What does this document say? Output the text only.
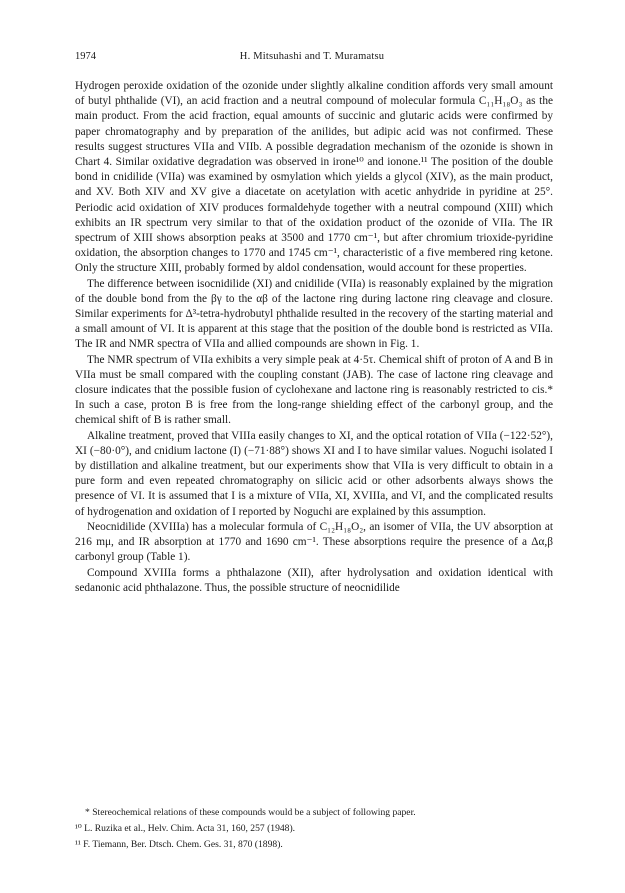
1974	H. Mitsuhashi and T. Muramatsu

Hydrogen peroxide oxidation of the ozonide under slightly alkaline condition affords very small amount of butyl phthalide (VI), an acid fraction and a neutral compound of molecular formula C₁₁H₁₈O₃ as the main product. From the acid fraction, equal amounts of succinic and glutaric acids were confirmed by paper chromatography and by preparation of the anilides, but adipic acid was not confirmed. These results suggest structures VIIa and VIIb. A possible degradation mechanism of the ozonide is shown in Chart 4. Similar oxidative degradation was observed in irone¹⁰ and ionone.¹¹ The position of the double bond in cnidilide (VIIa) was examined by osmylation which yields a glycol (XIV), as the main product, and XV. Both XIV and XV give a diacetate on acetylation with acetic anhydride in pyridine at 25°. Periodic acid oxidation of XIV produces formaldehyde together with a neutral compound (XIII) which exhibits an IR spectrum very similar to that of the oxidation product of the ozonide of VIIa. The IR spectrum of XIII shows absorption peaks at 3500 and 1770 cm⁻¹, but after chromium trioxide-pyridine oxidation, the absorption changes to 1770 and 1745 cm⁻¹, characteristic of a five membered ring ketone. Only the structure XIII, probably formed by aldol condensation, would account for these properties.

The difference between isocnidilide (XI) and cnidilide (VIIa) is reasonably explained by the migration of the double bond from the βγ to the αβ of the lactone ring during lactone ring cleavage and closure. Similar experiments for Δ³-tetra-hydrobutyl phthalide resulted in the recovery of the starting material and a small amount of VI. It is apparent at this stage that the position of the double bond is restricted as VIIa. The IR and NMR spectra of VIIa and allied compounds are shown in Fig. 1.

The NMR spectrum of VIIa exhibits a very simple peak at 4·5τ. Chemical shift of proton of A and B in VIIa must be small compared with the coupling constant (JAB). The case of lactone ring cleavage and closure indicates that the possible fusion of cyclohexane and lactone ring is reasonably restricted to cis.* In such a case, proton B is free from the long-range shielding effect of the carbonyl group, and the chemical shift of B is rather small.

Alkaline treatment, proved that VIIIa easily changes to XI, and the optical rotation of VIIa (−122·52°), XI (−80·0°), and cnidium lactone (I) (−71·88°) shows XI and I to have similar values. Noguchi isolated I by distillation and alkaline treatment, but our experiments show that VIIa is very difficult to obtain in a pure form and even repeated chromatography on silicic acid or other adsorbents always shows the presence of VI. It is assumed that I is a mixture of VIIa, XI, XVIIIa, and VI, and the complicated results of hydrogenation and oxidation of I reported by Noguchi are explained by this assumption.

Neocnidilide (XVIIIa) has a molecular formula of C₁₂H₁₈O₂, an isomer of VIIa, the UV absorption at 216 mμ, and IR absorption at 1770 and 1690 cm⁻¹. These absorptions require the presence of a Δα,β carbonyl group (Table 1).

Compound XVIIIa forms a phthalazone (XII), after hydrolysation and oxidation identical with sedanonic acid phthalazone. Thus, the possible structure of neocnidilide

* Stereochemical relations of these compounds would be a subject of following paper.

¹⁰ L. Ruzika et al., Helv. Chim. Acta 31, 160, 257 (1948).

¹¹ F. Tiemann, Ber. Dtsch. Chem. Ges. 31, 870 (1898).
